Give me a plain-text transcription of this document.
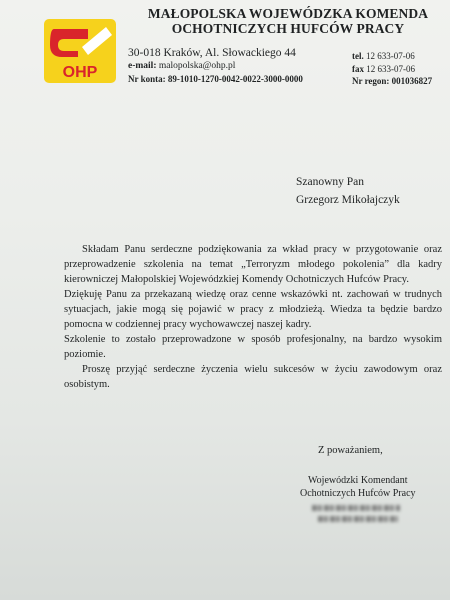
OHP
MAŁOPOLSKA WOJEWÓDZKA KOMENDA
OCHOTNICZYCH HUFCÓW PRACY
30-018 Kraków, Al. Słowackiego 44
e-mail: malopolska@ohp.pl
Nr konta: 89-1010-1270-0042-0022-3000-0000
tel. 12 633-07-06
fax 12 633-07-06
Nr regon: 001036827
Szanowny Pan
Grzegorz Mikołajczyk

Składam Panu serdeczne podziękowania za wkład pracy w przygotowanie oraz przeprowadzenie szkolenia na temat „Terroryzm młodego pokolenia” dla kadry kierowniczej Małopolskiej Wojewódzkiej Komendy Ochotniczych Hufców Pracy.

Dziękuję Panu za przekazaną wiedzę oraz cenne wskazówki nt. zachowań w trudnych sytuacjach, jakie mogą się pojawić w pracy z młodzieżą. Wiedza ta będzie bardzo pomocna w codziennej pracy wychowawczej naszej kadry.

Szkolenie to zostało przeprowadzone w sposób profesjonalny, na bardzo wysokim poziomie.

Proszę przyjąć serdeczne życzenia wielu sukcesów w życiu zawodowym oraz osobistym.

Z poważaniem,
Wojewódzki Komendant
Ochotniczych Hufców Pracy
